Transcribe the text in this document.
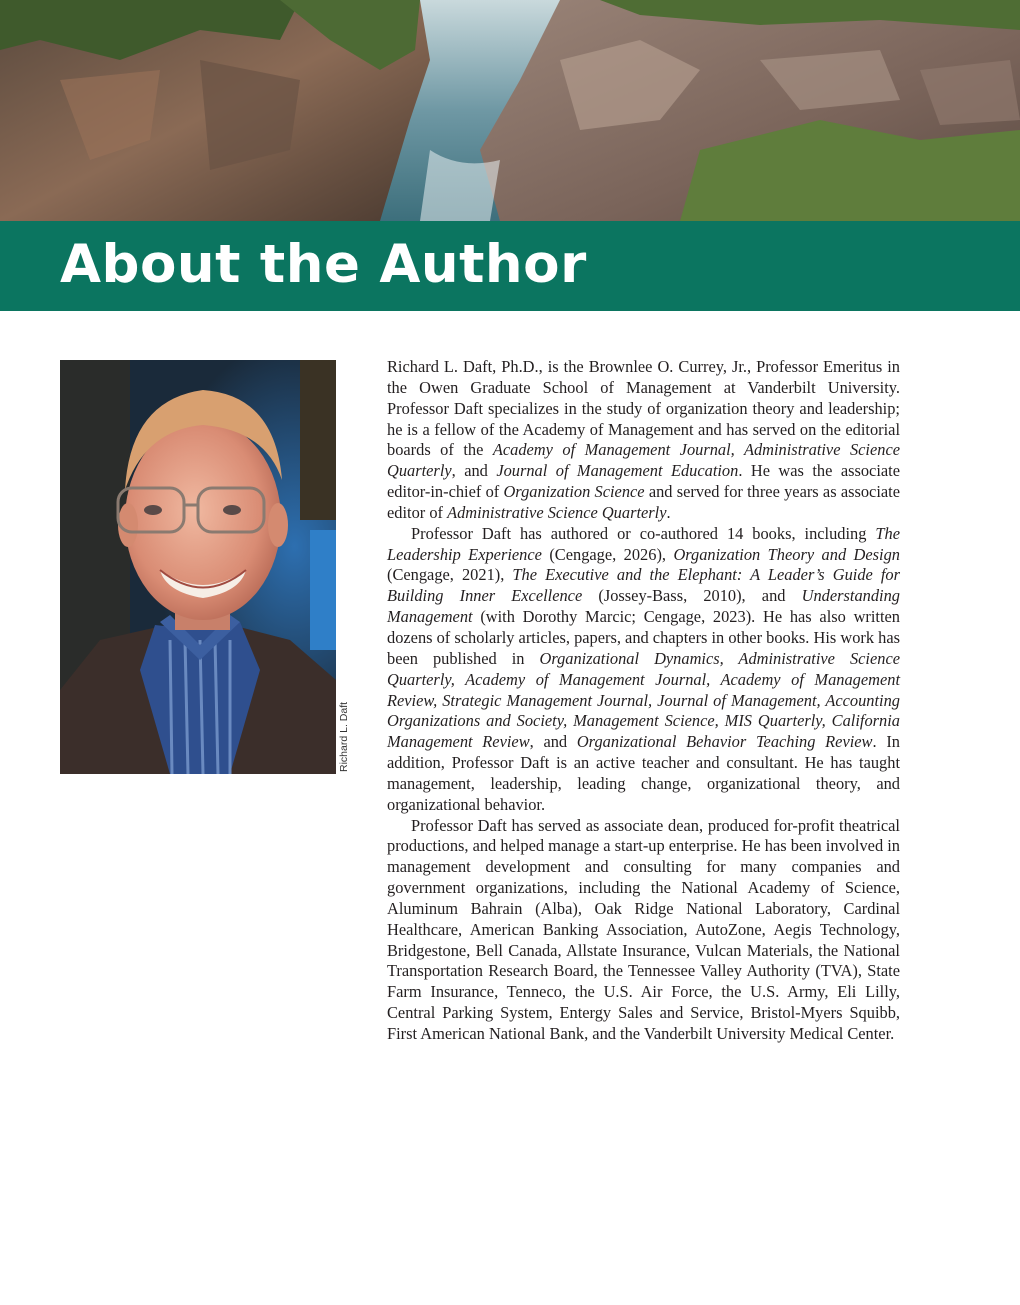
About the Author
Richard L. Daft

Richard L. Daft, Ph.D., is the Brownlee O. Currey, Jr., Professor Emeritus in the Owen Graduate School of Management at Vanderbilt University. Professor Daft specializes in the study of organization theory and leadership; he is a fellow of the Academy of Management and has served on the editorial boards of the Academy of Management Journal, Administrative Science Quarterly, and Journal of Management Education. He was the associate editor-in-chief of Organization Science and served for three years as associate editor of Administrative Science Quarterly.

Professor Daft has authored or co-authored 14 books, including The Leadership Experience (Cengage, 2026), Organization Theory and Design (Cengage, 2021), The Executive and the Elephant: A Leader’s Guide for Building Inner Excellence (Jossey-Bass, 2010), and Understanding Management (with Dorothy Marcic; Cengage, 2023). He has also written dozens of scholarly articles, papers, and chapters in other books. His work has been published in Organizational Dynamics, Administrative Science Quarterly, Academy of Management Journal, Academy of Management Review, Strategic Management Journal, Journal of Management, Accounting Organizations and Society, Management Science, MIS Quarterly, California Management Review, and Organizational Behavior Teaching Review. In addition, Professor Daft is an active teacher and consultant. He has taught management, leadership, leading change, organizational theory, and organizational behavior.

Professor Daft has served as associate dean, produced for-profit theatrical productions, and helped manage a start-up enterprise. He has been involved in management development and consulting for many companies and government organizations, including the National Academy of Science, Aluminum Bahrain (Alba), Oak Ridge National Laboratory, Cardinal Healthcare, American Banking Association, AutoZone, Aegis Technology, Bridgestone, Bell Canada, Allstate Insurance, Vulcan Materials, the National Transportation Research Board, the Tennessee Valley Authority (TVA), State Farm Insurance, Tenneco, the U.S. Air Force, the U.S. Army, Eli Lilly, Central Parking System, Entergy Sales and Service, Bristol-Myers Squibb, First American National Bank, and the Vanderbilt University Medical Center.
